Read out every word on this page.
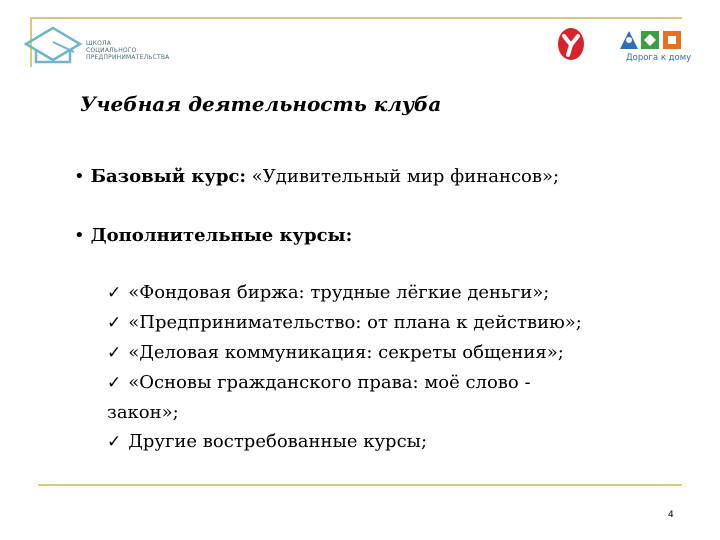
ШКОЛА
СОЦИАЛЬНОГО
ПРЕДПРИНИМАТЕЛЬСТВА	Дорога к дому
Учебная деятельность клуба
• Базовый курс: «Удивительный мир финансов»;
• Дополнительные курсы:
✓ «Фондовая биржа: трудные лёгкие деньги»;
✓ «Предпринимательство: от плана к действию»;
✓ «Деловая коммуникация: секреты общения»;
✓ «Основы гражданского права: моё слово -
закон»;
✓ Другие востребованные курсы;
4
